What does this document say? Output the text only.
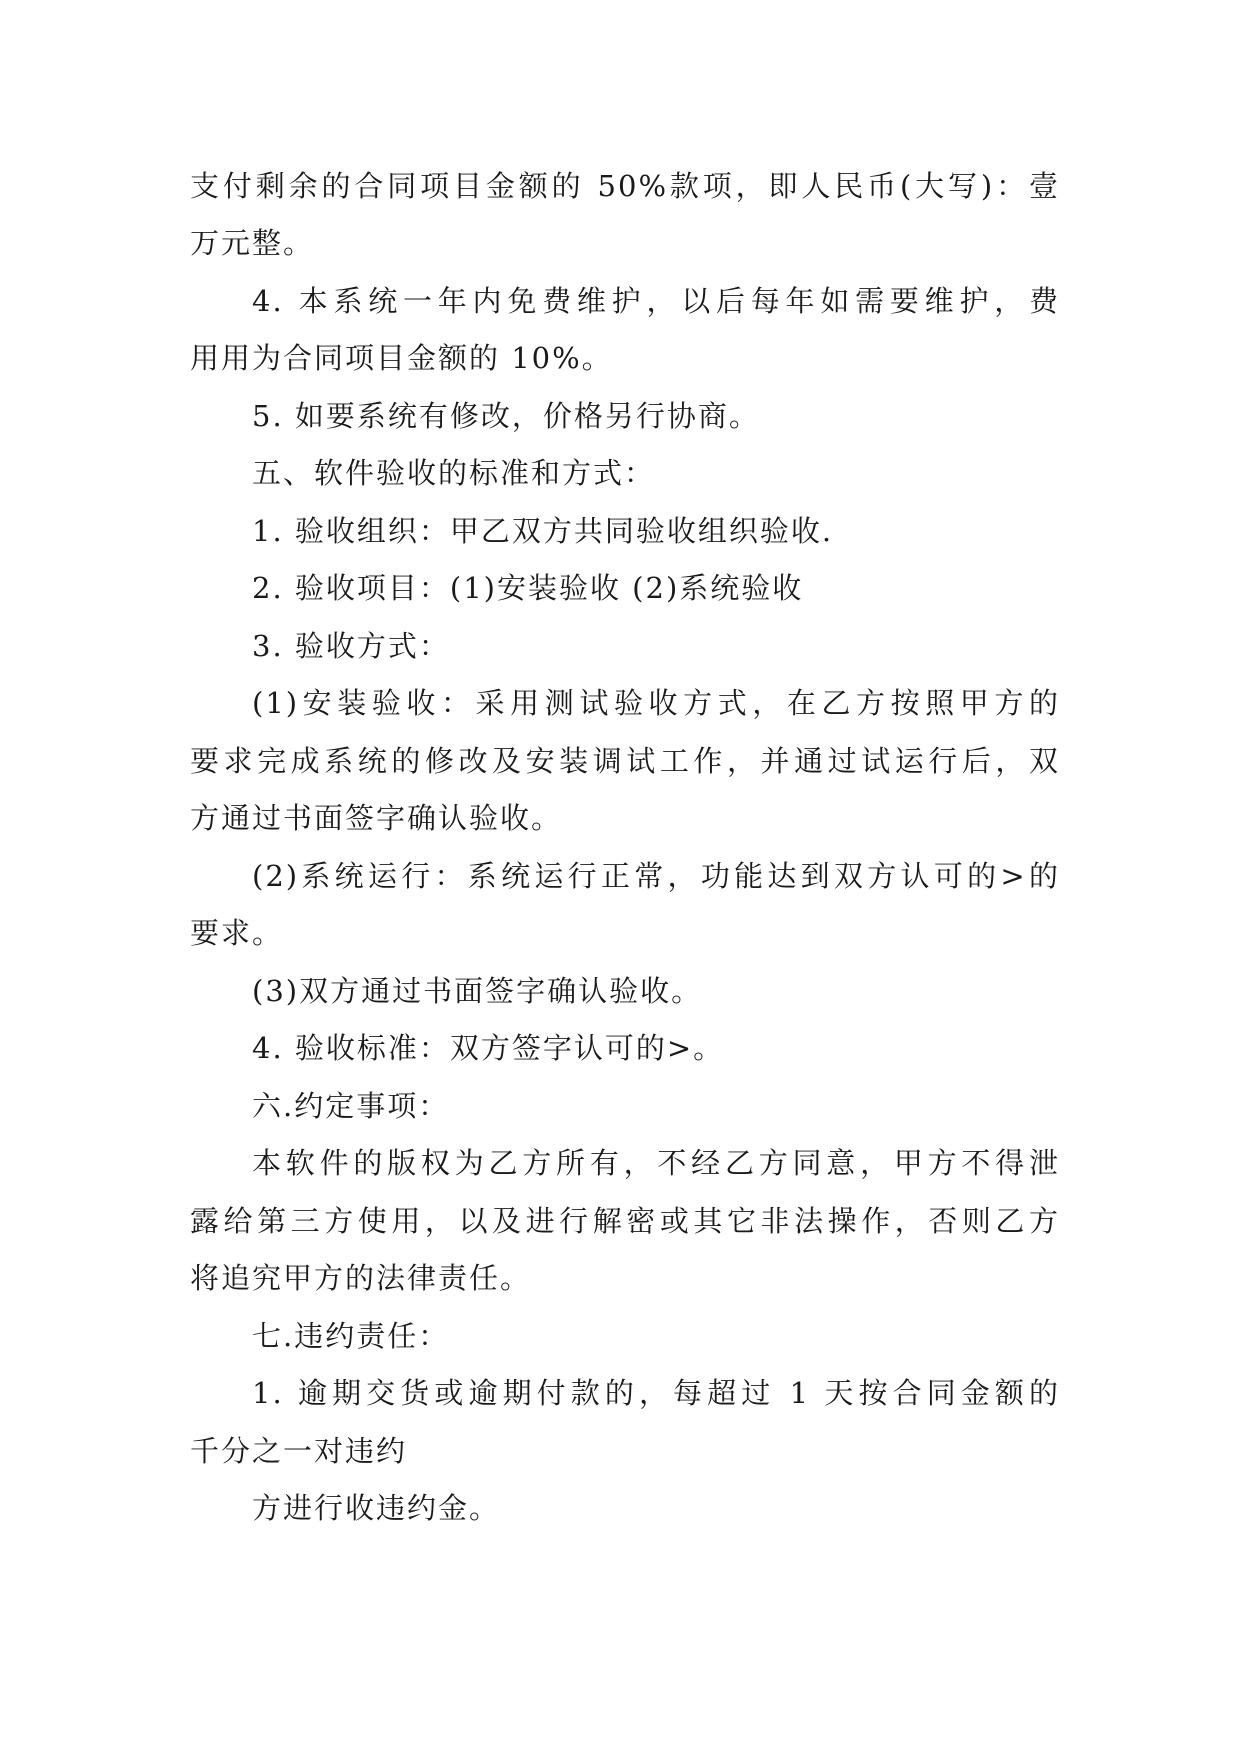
支付剩余的合同项目金额的 50%款项，即人民币(大写)：壹
万元整。
4. 本系统一年内免费维护，以后每年如需要维护，费
用用为合同项目金额的 10%。
5. 如要系统有修改，价格另行协商。
五、软件验收的标准和方式：
1. 验收组织：甲乙双方共同验收组织验收.
2. 验收项目：(1)安装验收 (2)系统验收
3. 验收方式：
(1)安装验收：采用测试验收方式，在乙方按照甲方的
要求完成系统的修改及安装调试工作，并通过试运行后，双
方通过书面签字确认验收。
(2)系统运行：系统运行正常，功能达到双方认可的>的
要求。
(3)双方通过书面签字确认验收。
4. 验收标准：双方签字认可的>。
六.约定事项：
本软件的版权为乙方所有，不经乙方同意，甲方不得泄
露给第三方使用，以及进行解密或其它非法操作，否则乙方
将追究甲方的法律责任。
七.违约责任：
1. 逾期交货或逾期付款的，每超过 1 天按合同金额的
千分之一对违约
方进行收违约金。
